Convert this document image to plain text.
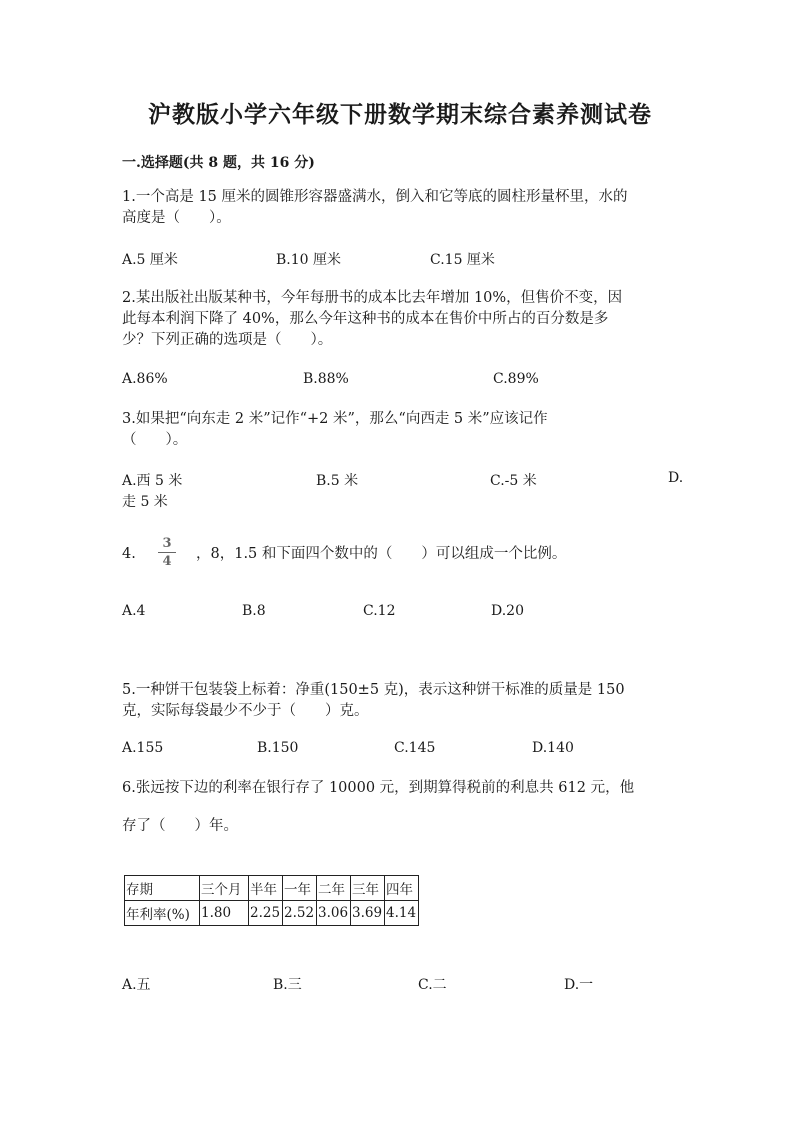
沪教版小学六年级下册数学期末综合素养测试卷
一.选择题(共 8 题，共 16 分)
1.一个高是 15 厘米的圆锥形容器盛满水，倒入和它等底的圆柱形量杯里，水的
高度是（　　）。
A.5 厘米	B.10 厘米	C.15 厘米
2.某出版社出版某种书，今年每册书的成本比去年增加 10%，但售价不变，因
此每本利润下降了 40%，那么今年这种书的成本在售价中所占的百分数是多
少？下列正确的选项是（　　）。
A.86%	B.88%	C.89%
3.如果把“向东走 2 米”记作“+2 米”，那么“向西走 5 米”应该记作
（　　）。
A.西 5 米	B.5 米	C.-5 米	D.
走 5 米
4.
3
4	，8，1.5 和下面四个数中的（　　）可以组成一个比例。
A.4	B.8	C.12	D.20
5.一种饼干包装袋上标着：净重(150±5 克)，表示这种饼干标准的质量是 150
克，实际每袋最少不少于（　　）克。
A.155	B.150	C.145	D.140
6.张远按下边的利率在银行存了 10000 元，到期算得税前的利息共 612 元，他
存了（　　）年。
存期	三个月	半年	一年	二年	三年	四年
年利率(%)	1.80	2.25	2.52	3.06	3.69	4.14
A.五	B.三	C.二	D.一
